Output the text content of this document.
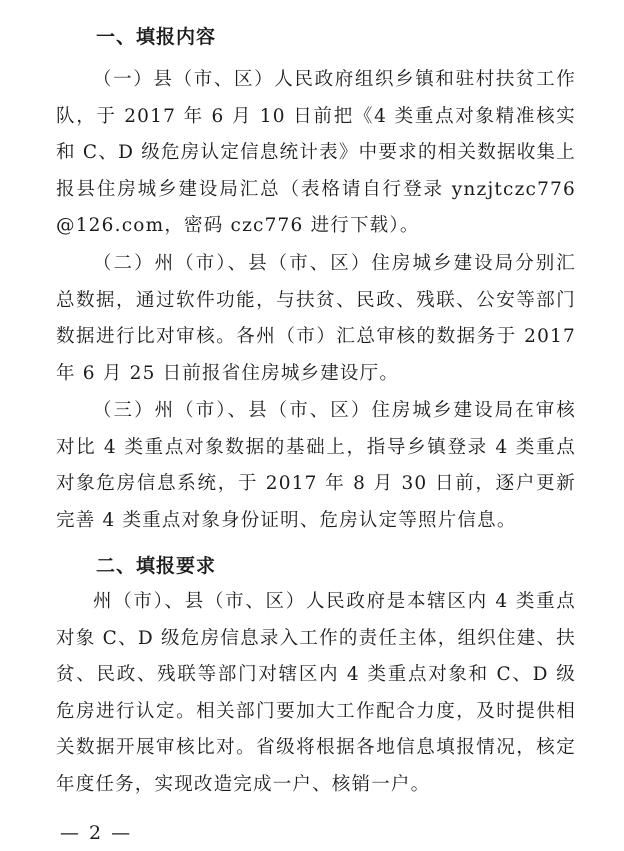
一、填报内容

（一）县（市、区）人民政府组织乡镇和驻村扶贫工作队，于 2017 年 6 月 10 日前把《4 类重点对象精准核实和 C、D 级危房认定信息统计表》中要求的相关数据收集上报县住房城乡建设局汇总（表格请自行登录 ynzjtczc776@126.com，密码 czc776 进行下载）。

（二）州（市）、县（市、区）住房城乡建设局分别汇总数据，通过软件功能，与扶贫、民政、残联、公安等部门数据进行比对审核。各州（市）汇总审核的数据务于 2017 年 6 月 25 日前报省住房城乡建设厅。

（三）州（市）、县（市、区）住房城乡建设局在审核对比 4 类重点对象数据的基础上，指导乡镇登录 4 类重点对象危房信息系统，于 2017 年 8 月 30 日前，逐户更新完善 4 类重点对象身份证明、危房认定等照片信息。

二、填报要求

州（市）、县（市、区）人民政府是本辖区内 4 类重点对象 C、D 级危房信息录入工作的责任主体，组织住建、扶贫、民政、残联等部门对辖区内 4 类重点对象和 C、D 级危房进行认定。相关部门要加大工作配合力度，及时提供相关数据开展审核比对。省级将根据各地信息填报情况，核定年度任务，实现改造完成一户、核销一户。

— 2 —
